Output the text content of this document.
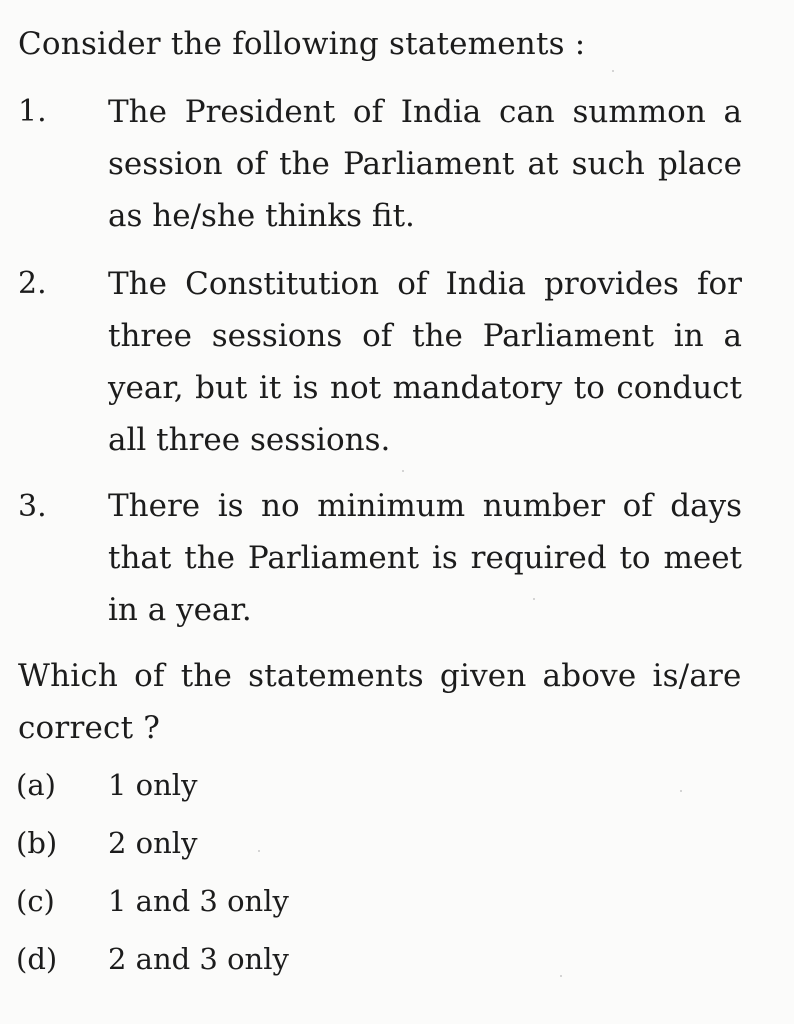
Consider the following statements :
1. The President of India can summon a session of the Parliament at such place as he/she thinks fit.
2. The Constitution of India provides for three sessions of the Parliament in a year, but it is not mandatory to conduct all three sessions.
3. There is no minimum number of days that the Parliament is required to meet in a year.
Which of the statements given above is/are
correct ?
(a) 1 only
(b) 2 only
(c) 1 and 3 only
(d) 2 and 3 only
